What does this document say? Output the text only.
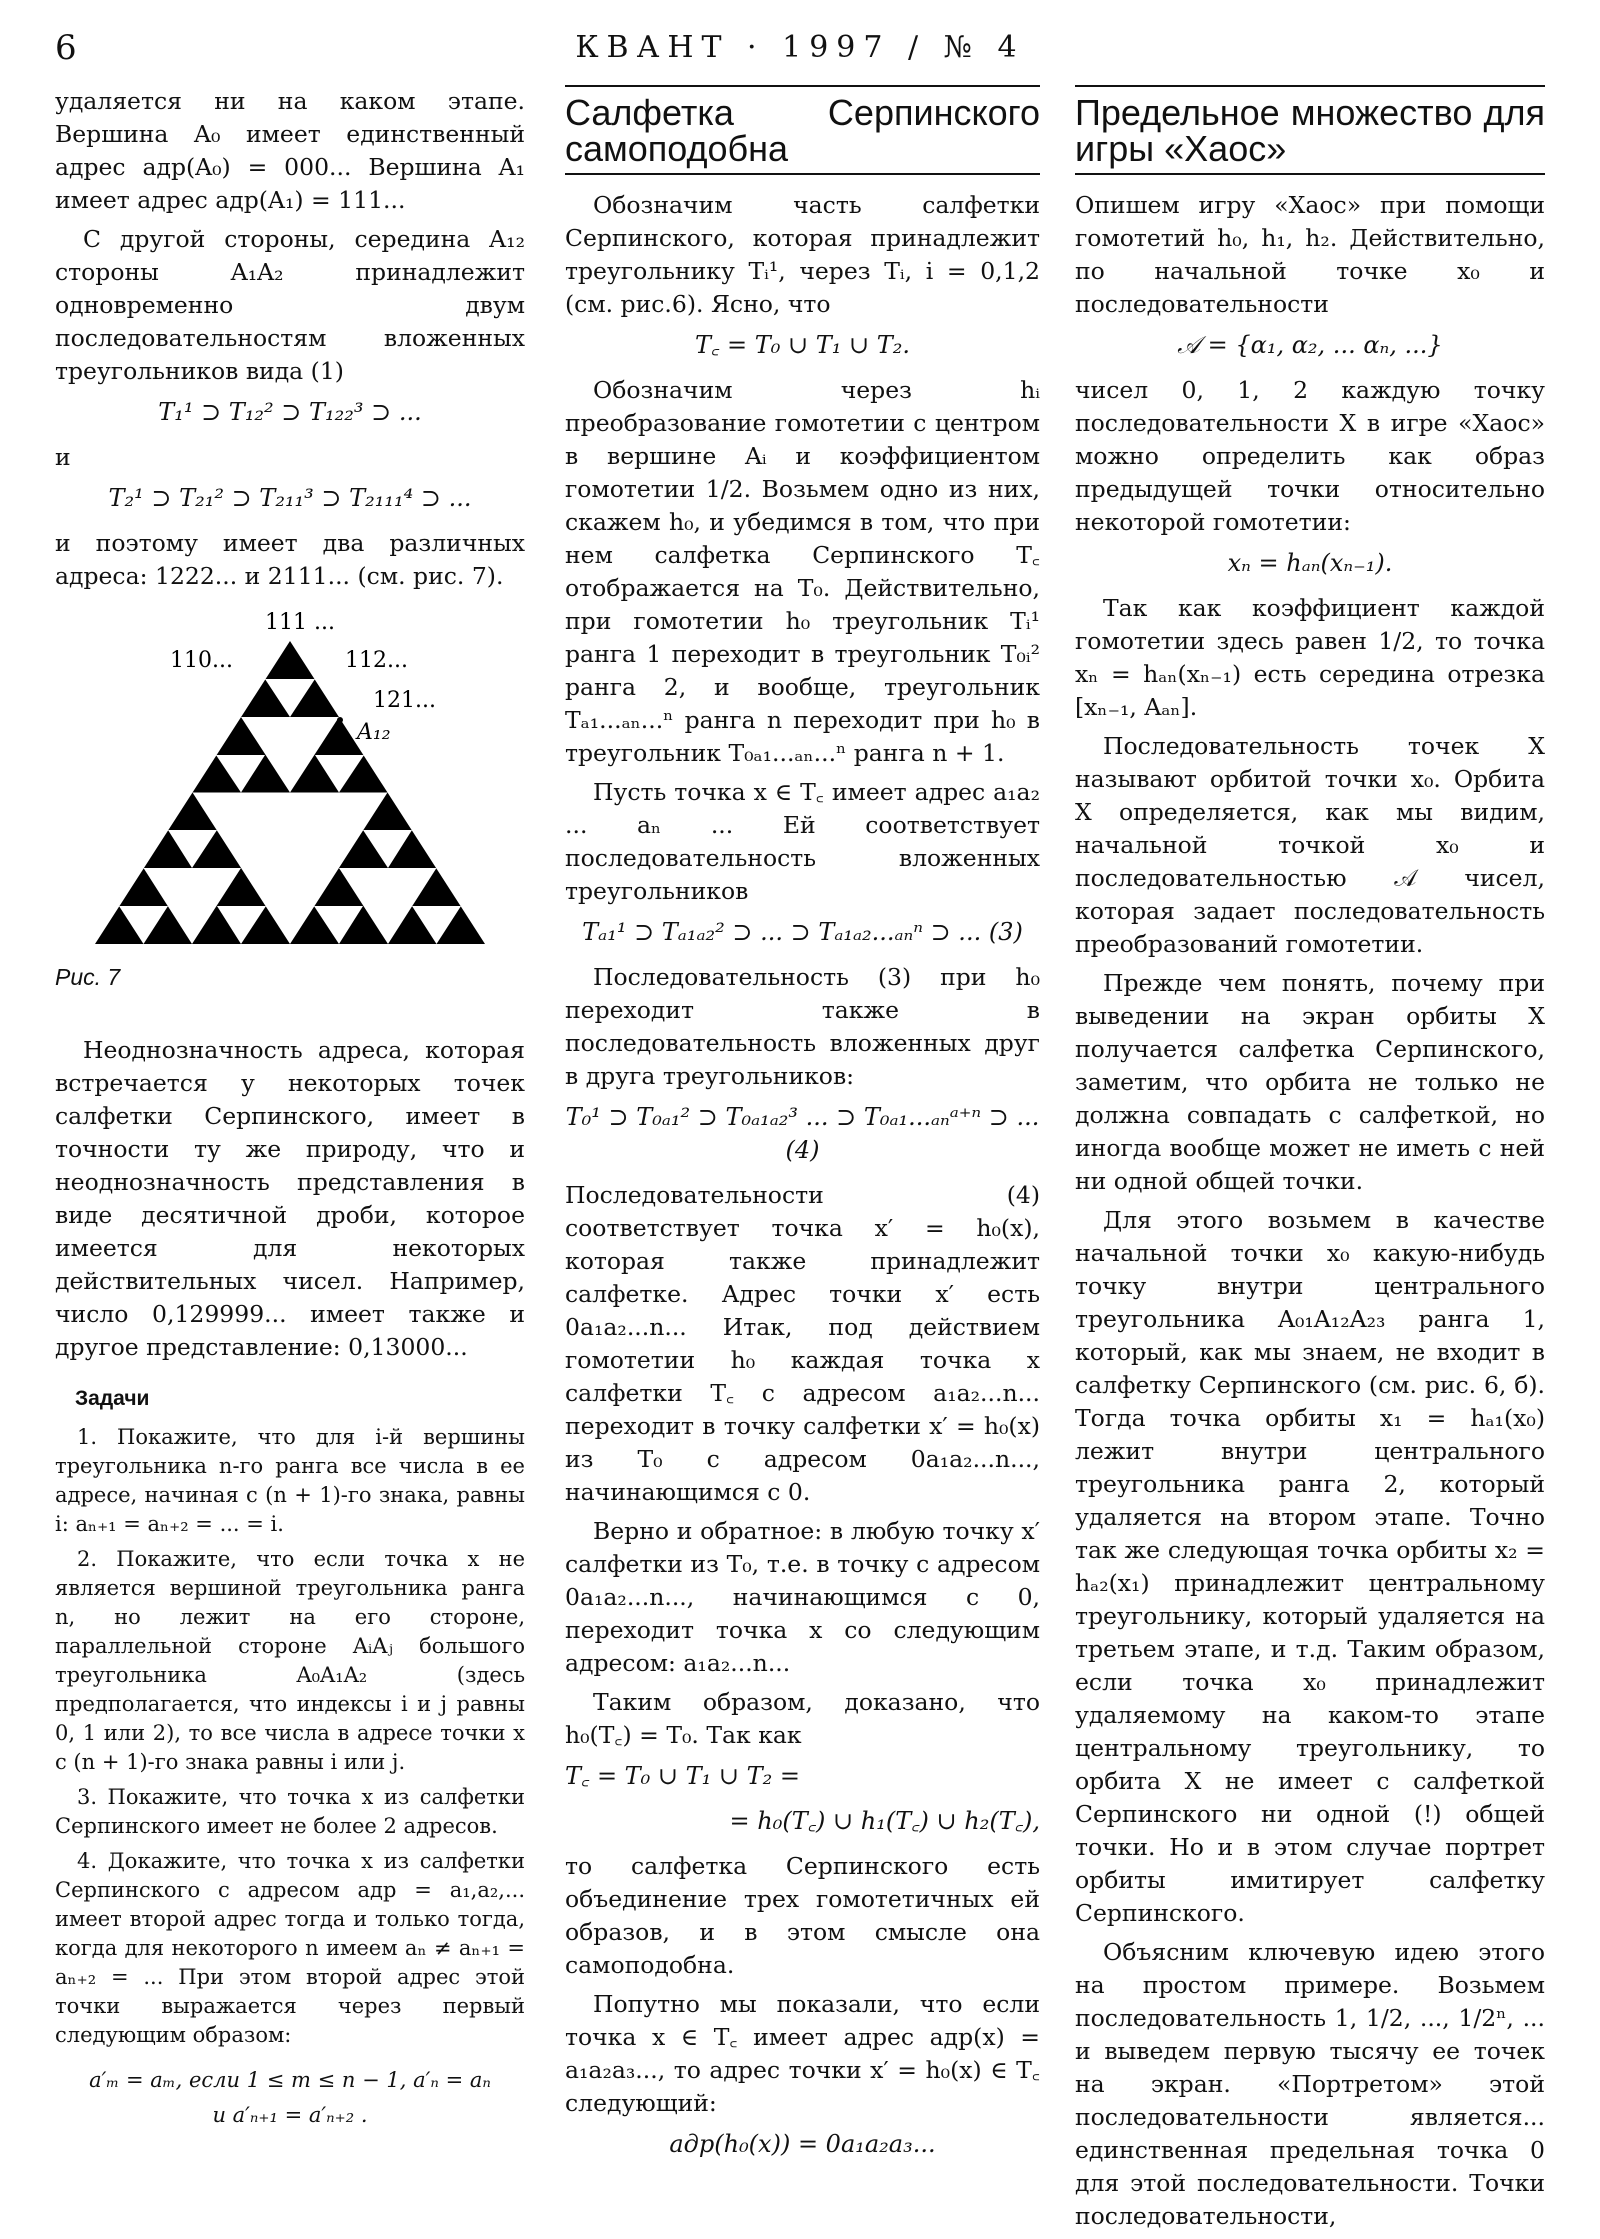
6	КВАНТ · 1997 / № 4

удаляется ни на каком этапе. Вершина A₀ имеет единственный адрес адр(A₀) = 000... Вершина A₁ имеет адрес адр(A₁) = 111...

С другой стороны, середина A₁₂ стороны A₁A₂ принадлежит одновременно двум последовательностям вложенных треугольников вида (1)

T₁¹ ⊃ T₁₂² ⊃ T₁₂₂³ ⊃ ...

и

T₂¹ ⊃ T₂₁² ⊃ T₂₁₁³ ⊃ T₂₁₁₁⁴ ⊃ ...

и поэтому имеет два различных адреса: 1222... и 2111... (см. рис. 7).

111 ...
110...	112...
121...
A₁₂
Рис. 7

Неоднозначность адреса, которая встречается у некоторых точек салфетки Серпинского, имеет в точности ту же природу, что и неоднозначность представления в виде десятичной дроби, которое имеется для некоторых действительных чисел. Например, число 0,129999... имеет также и другое представление: 0,13000...

Задачи
1. Покажите, что для i-й вершины треугольника n-го ранга все числа в ее адресе, начиная с (n + 1)-го знака, равны i: aₙ₊₁ = aₙ₊₂ = ... = i.
2. Покажите, что если точка x не является вершиной треугольника ранга n, но лежит на его стороне, параллельной стороне AᵢAⱼ большого треугольника A₀A₁A₂ (здесь предполагается, что индексы i и j равны 0, 1 или 2), то все числа в адресе точки x с (n + 1)-го знака равны i или j.
3. Покажите, что точка x из салфетки Серпинского имеет не более 2 адресов.
4. Докажите, что точка x из салфетки Серпинского с адресом адр = a₁,a₂,... имеет второй адрес тогда и только тогда, когда для некоторого n имеем aₙ ≠ aₙ₊₁ = aₙ₊₂ = ... При этом второй адрес этой точки выражается через первый следующим образом:
a′ₘ = aₘ, если 1 ≤ m ≤ n − 1, a′ₙ = aₙ
и a′ₙ₊₁ = a′ₙ₊₂ .
Салфетка Серпинского самоподобна

Обозначим часть салфетки Серпинского, которая принадлежит треугольнику Tᵢ¹, через Tᵢ, i = 0,1,2 (см. рис.6). Ясно, что

T꜀ = T₀ ∪ T₁ ∪ T₂.

Обозначим через hᵢ преобразование гомотетии с центром в вершине Aᵢ и коэффициентом гомотетии 1/2. Возьмем одно из них, скажем h₀, и убедимся в том, что при нем салфетка Серпинского T꜀ отображается на T₀. Действительно, при гомотетии h₀ треугольник Tᵢ¹ ранга 1 переходит в треугольник T₀ᵢ² ранга 2, и вообще, треугольник Tₐ₁...ₐₙ...ⁿ ранга n переходит при h₀ в треугольник T₀ₐ₁...ₐₙ...ⁿ ранга n + 1.

Пусть точка x ∈ T꜀ имеет адрес a₁a₂ ... aₙ ... Ей соответствует последовательность вложенных треугольников

Tₐ₁¹ ⊃ Tₐ₁ₐ₂² ⊃ ... ⊃ Tₐ₁ₐ₂...ₐₙⁿ ⊃ ... (3)

Последовательность (3) при h₀ переходит также в последовательность вложенных друг в друга треугольников:

T₀¹ ⊃ T₀ₐ₁² ⊃ T₀ₐ₁ₐ₂³ ... ⊃ T₀ₐ₁...ₐₙᵃ⁺ⁿ ⊃ ... (4)

Последовательности (4) соответствует точка x′ = h₀(x), которая также принадлежит салфетке. Адрес точки x′ есть 0a₁a₂...n... Итак, под действием гомотетии h₀ каждая точка x салфетки T꜀ с адресом a₁a₂...n... переходит в точку салфетки x′ = h₀(x) из T₀ с адресом 0a₁a₂...n..., начинающимся с 0.

Верно и обратное: в любую точку x′ салфетки из T₀, т.е. в точку с адресом 0a₁a₂...n..., начинающимся с 0, переходит точка x со следующим адресом: a₁a₂...n...

Таким образом, доказано, что h₀(T꜀) = T₀. Так как

T꜀ = T₀ ∪ T₁ ∪ T₂ =
= h₀(T꜀) ∪ h₁(T꜀) ∪ h₂(T꜀),

то салфетка Серпинского есть объединение трех гомотетичных ей образов, и в этом смысле она самоподобна.

Попутно мы показали, что если точка x ∈ T꜀ имеет адрес адр(x) = a₁a₂a₃..., то адрес точки x′ = h₀(x) ∈ T꜀ следующий:

адр(h₀(x)) = 0a₁a₂a₃...
Предельное множество для игры «Хаос»

Опишем игру «Хаос» при помощи гомотетий h₀, h₁, h₂. Действительно, по начальной точке x₀ и последовательности

𝒜 = {α₁, α₂, ... αₙ, ...}

чисел 0, 1, 2 каждую точку последовательности X в игре «Хаос» можно определить как образ предыдущей точки относительно некоторой гомотетии:

xₙ = hₐₙ(xₙ₋₁).

Так как коэффициент каждой гомотетии здесь равен 1/2, то точка xₙ = hₐₙ(xₙ₋₁) есть середина отрезка [xₙ₋₁, Aₐₙ].

Последовательность точек X называют орбитой точки x₀. Орбита X определяется, как мы видим, начальной точкой x₀ и последовательностью 𝒜 чисел, которая задает последовательность преобразований гомотетии.

Прежде чем понять, почему при выведении на экран орбиты X получается салфетка Серпинского, заметим, что орбита не только не должна совпадать с салфеткой, но иногда вообще может не иметь с ней ни одной общей точки.

Для этого возьмем в качестве начальной точки x₀ какую-нибудь точку внутри центрального треугольника A₀₁A₁₂A₂₃ ранга 1, который, как мы знаем, не входит в салфетку Серпинского (см. рис. 6, б). Тогда точка орбиты x₁ = hₐ₁(x₀) лежит внутри центрального треугольника ранга 2, который удаляется на втором этапе. Точно так же следующая точка орбиты x₂ = hₐ₂(x₁) принадлежит центральному треугольнику, который удаляется на третьем этапе, и т.д. Таким образом, если точка x₀ принадлежит удаляемому на каком-то этапе центральному треугольнику, то орбита X не имеет с салфеткой Серпинского ни одной (!) общей точки. Но и в этом случае портрет орбиты имитирует салфетку Серпинского.

Объясним ключевую идею этого на простом примере. Возьмем последовательность 1, 1/2, ..., 1/2ⁿ, ... и выведем первую тысячу ее точек на экран. «Портретом» этой последовательности является... единственная предельная точка 0 для этой последовательности. Точки последовательности,
